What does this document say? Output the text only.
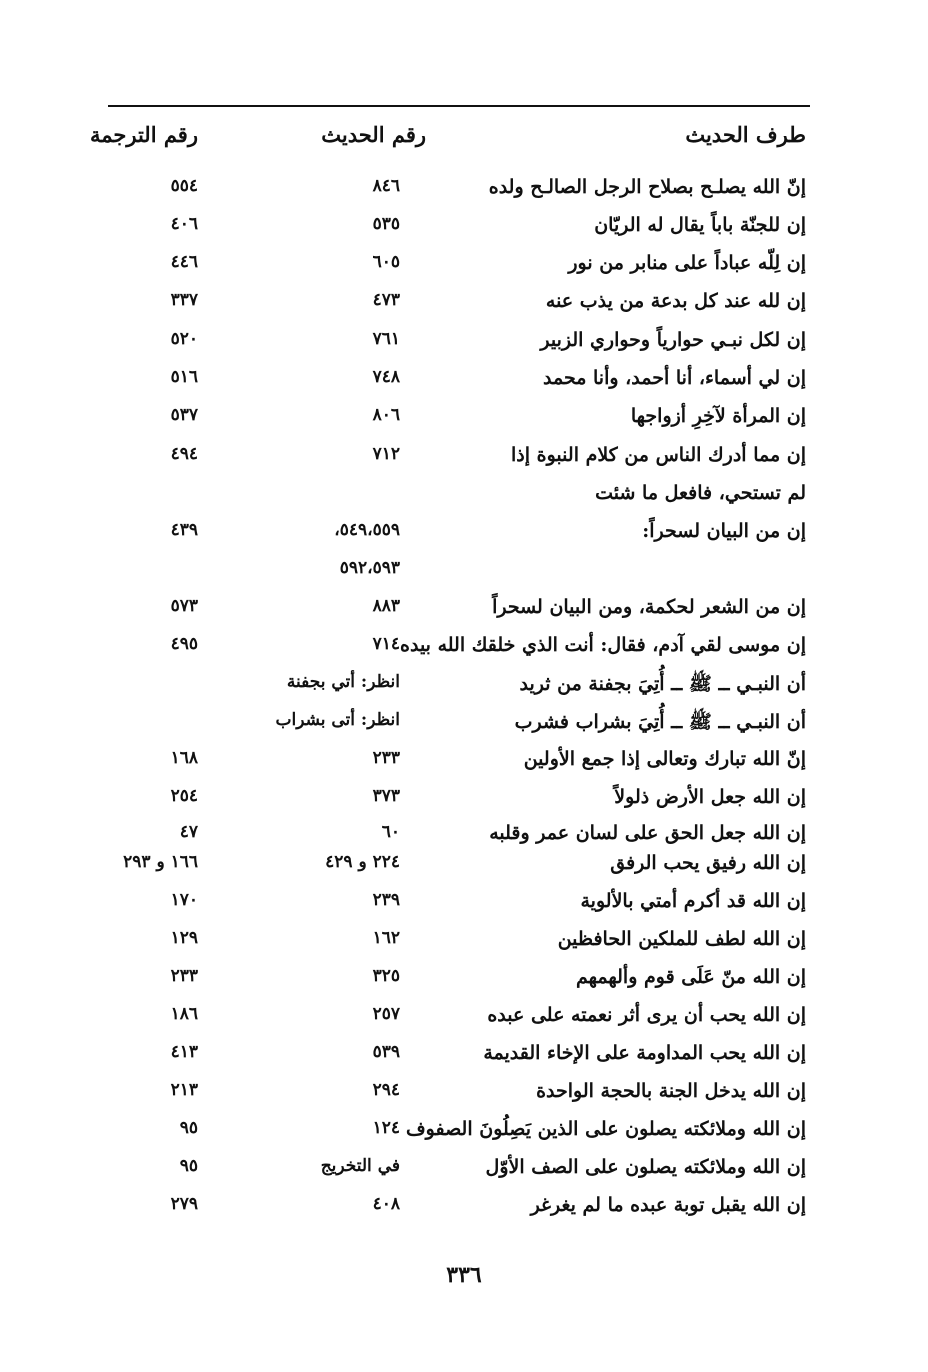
طرف الحديث
رقم الحديث
رقم الترجمة
إنّ الله يصلـح بصلاح الرجل الصالـح ولده
٨٤٦
٥٥٤
إن للجنّة باباً يقال له الريّان
٥٣٥
٤٠٦
إن لِلّه عباداً على منابر من نور
٦٠٥
٤٤٦
إن لله عند كل بدعة من يذب عنه
٤٧٣
٣٣٧
إن لكل نبـي حوارياً وحواري الزبير
٧٦١
٥٢٠
إن لي أسماء، أنا أحمد، وأنا محمد
٧٤٨
٥١٦
إن المرأة لآخِرِ أزواجها
٨٠٦
٥٣٧
إن مما أدرك الناس من كلام النبوة إذا
٧١٢
٤٩٤
لم تستحي، فافعل ما شئت
إن من البيان لسحراً:
٥٤٩،٥٥٩،
٤٣٩
٥٩٢،٥٩٣
إن من الشعر لحكمة، ومن البيان لسحراً
٨٨٣
٥٧٣
إن موسى لقي آدم، فقال: أنت الذي خلقك الله بيده
٧١٤
٤٩٥
أن النبـي ــ ﷺ ــ أُتِيَ بجفنة من ثريد
انظر: أتي بجفنة
أن النبـي ــ ﷺ ــ أُتِيَ بشراب فشرب
انظر: أتى بشراب
إنّ الله تبارك وتعالى إذا جمع الأولين
٢٣٣
١٦٨
إن الله جعل الأرض ذلولاً
٣٧٣
٢٥٤
إن الله جعل الحق على لسان عمر وقلبه
٦٠
٤٧
إن الله رفيق يحب الرفق
٢٢٤ و ٤٢٩
١٦٦ و ٢٩٣
إن الله قد أكرم أمتي بالألوية
٢٣٩
١٧٠
إن الله لطف للملكين الحافظين
١٦٢
١٢٩
إن الله منّ عَلَى قوم وألهمهم
٣٢٥
٢٣٣
إن الله يحب أن يرى أثر نعمته على عبده
٢٥٧
١٨٦
إن الله يحب المداومة على الإخاء القديمة
٥٣٩
٤١٣
إن الله يدخل الجنة بالحجة الواحدة
٢٩٤
٢١٣
إن الله وملائكته يصلون على الذين يَصِلُونَ الصفوف
١٢٤
٩٥
إن الله وملائكته يصلون على الصف الأوّل
في التخريج
٩٥
إن الله يقبل توبة عبده ما لم يغرغر
٤٠٨
٢٧٩
٣٣٦
